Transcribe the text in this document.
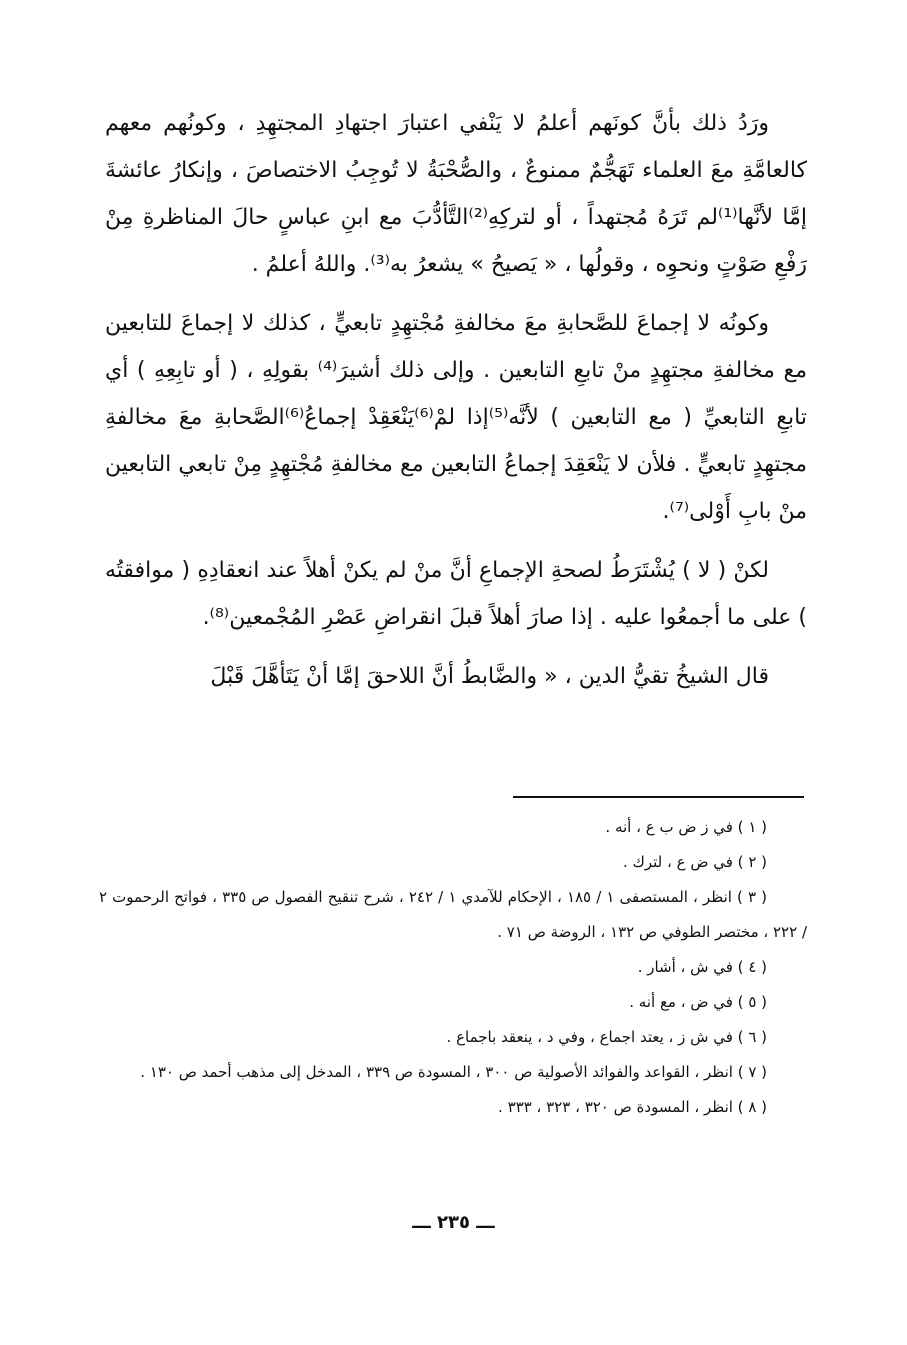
ورَدُ ذلك بأنَّ كونَهم أعلمُ لا يَنْفي اعتبارَ اجتهادِ المجتهِدِ ، وكونُهم معهم كالعامَّةِ معَ العلماء تَهَجُّمٌ ممنوعٌ ، والصُّحْبَةُ لا تُوجِبُ الاختصاصَ ، وإنكارُ عائشةَ إمَّا لأنَّها⁽¹⁾لم تَرَهُ مُجتهداً ، أو لتركِهِ⁽²⁾التَّأدُّبَ مع ابنِ عباسٍ حالَ المناظرةِ مِنْ رَفْعِ صَوْتٍ ونحوِه ، وقولُها ، « يَصيحُ » يشعرُ به⁽³⁾. واللهُ أعلمُ .

وكونُه لا إجماعَ للصَّحابةِ معَ مخالفةِ مُجْتهِدٍ تابعيٍّ ، كذلك لا إجماعَ للتابعين مع مخالفةِ مجتهِدٍ منْ تابعِ التابعين . وإلى ذلك أشيرَ⁽⁴⁾ بقولِهِ ، ( أو تابِعِهِ ) أي تابعِ التابعيِّ ( مع التابعين ) لأنَّه⁽⁵⁾إذا لمْ⁽⁶⁾يَنْعَقِدْ إجماعُ⁽⁶⁾الصَّحابةِ معَ مخالفةِ مجتهِدٍ تابعيٍّ . فلأن لا يَنْعَقِدَ إجماعُ التابعين مع مخالفةِ مُجْتهِدٍ مِنْ تابعي التابعين منْ بابِ أَوْلى⁽⁷⁾.

لكنْ ( لا ) يُشْتَرَطُ لصحةِ الإجماعِ أنَّ منْ لم يكنْ أهلاً عند انعقادِهِ ( موافقتُه ) على ما أجمعُوا عليه . إذا صارَ أهلاً قبلَ انقراضِ عَصْرِ المُجْمعين⁽⁸⁾.

قال الشيخُ تقيُّ الدين ، « والضَّابطُ أنَّ اللاحقَ إمَّا أنْ يَتَأهَّلَ قَبْلَ

( ١ ) في ز ض ب ع ، أنه .

( ٢ ) في ض ع ، لترك .

( ٣ ) انظر ، المستصفى ١ / ١٨٥ ، الإحكام للآمدي ١ / ٢٤٢ ، شرح تنقيح الفصول ص ٣٣٥ ، فواتح الرحموت ٢ / ٢٢٢ ، مختصر الطوفي ص ١٣٢ ، الروضة ص ٧١ .

( ٤ ) في ش ، أشار .

( ٥ ) في ض ، مع أنه .

( ٦ ) في ش ز ، يعتد اجماع ، وفي د ، ينعقد باجماع .

( ٧ ) انظر ، القواعد والفوائد الأصولية ص ٣٠٠ ، المسودة ص ٣٣٩ ، المدخل إلى مذهب أحمد ص ١٣٠ .

( ٨ ) انظر ، المسودة ص ٣٢٠ ، ٣٢٣ ، ٣٣٣ .

ـــ ٢٣٥ ـــ
